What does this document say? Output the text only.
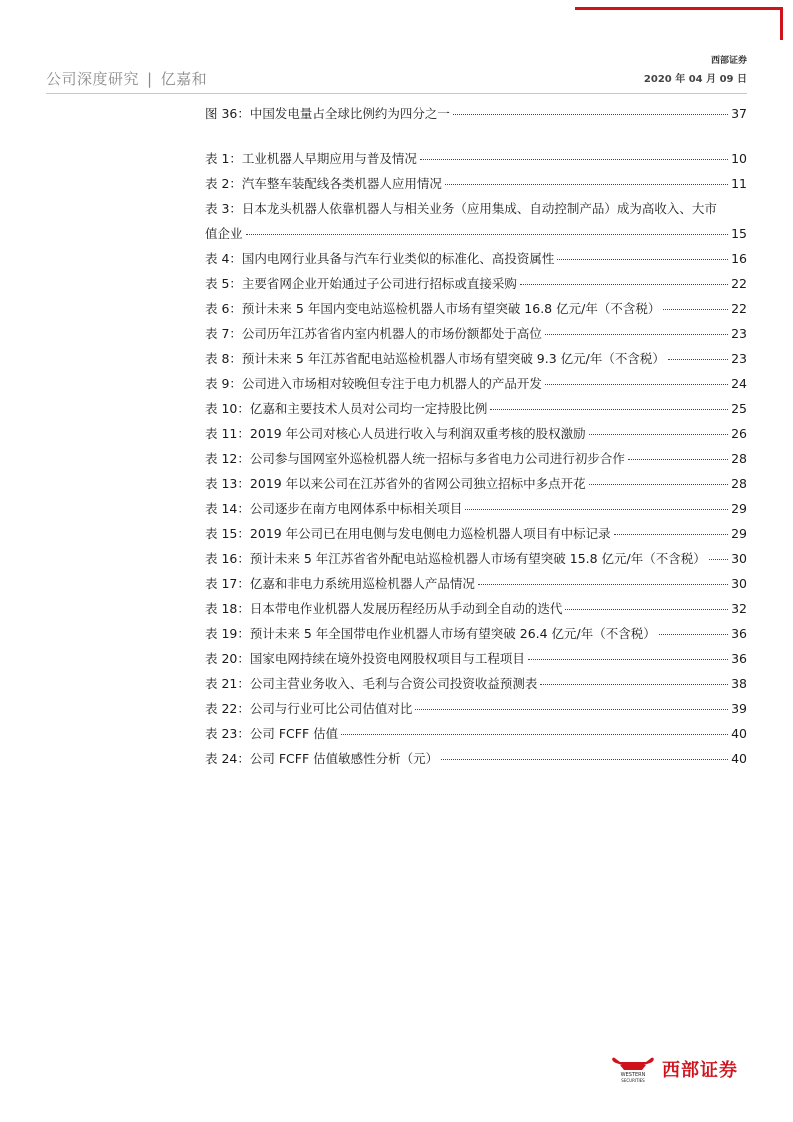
西部证券
公司深度研究 | 亿嘉和	2020 年 04 月 09 日
图 36：中国发电量占全球比例约为四分之一	37
表 1：工业机器人早期应用与普及情况	10
表 2：汽车整车装配线各类机器人应用情况	11
表 3：日本龙头机器人依靠机器人与相关业务（应用集成、自动控制产品）成为高收入、大市
值企业	15
表 4：国内电网行业具备与汽车行业类似的标准化、高投资属性	16
表 5：主要省网企业开始通过子公司进行招标或直接采购	22
表 6：预计未来 5 年国内变电站巡检机器人市场有望突破 16.8 亿元/年（不含税）	22
表 7：公司历年江苏省省内室内机器人的市场份额都处于高位	23
表 8：预计未来 5 年江苏省配电站巡检机器人市场有望突破 9.3 亿元/年（不含税）	23
表 9：公司进入市场相对较晚但专注于电力机器人的产品开发	24
表 10：亿嘉和主要技术人员对公司均一定持股比例	25
表 11：2019 年公司对核心人员进行收入与利润双重考核的股权激励	26
表 12：公司参与国网室外巡检机器人统一招标与多省电力公司进行初步合作	28
表 13：2019 年以来公司在江苏省外的省网公司独立招标中多点开花	28
表 14：公司逐步在南方电网体系中标相关项目	29
表 15：2019 年公司已在用电侧与发电侧电力巡检机器人项目有中标记录	29
表 16：预计未来 5 年江苏省省外配电站巡检机器人市场有望突破 15.8 亿元/年（不含税） 30
表 17：亿嘉和非电力系统用巡检机器人产品情况	30
表 18：日本带电作业机器人发展历程经历从手动到全自动的迭代	32
表 19：预计未来 5 年全国带电作业机器人市场有望突破 26.4 亿元/年（不含税）	36
表 20：国家电网持续在境外投资电网股权项目与工程项目	36
表 21：公司主营业务收入、毛利与合资公司投资收益预测表	38
表 22：公司与行业可比公司估值对比	39
表 23：公司 FCFF 估值	40
表 24：公司 FCFF 估值敏感性分析（元）	40
WESTERN
SECURITIES 西部证券
